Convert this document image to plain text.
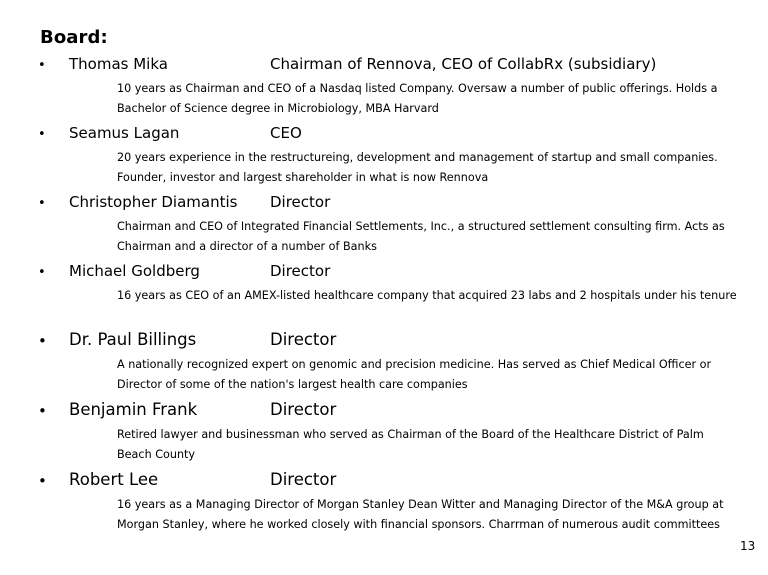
Board:
• Thomas Mika	Chairman of Rennova, CEO of CollabRx (subsidiary)
10 years as Chairman and CEO of a Nasdaq listed Company. Oversaw a number of public offerings. Holds a Bachelor of Science degree in Microbiology, MBA Harvard
• Seamus Lagan	CEO
20 years experience in the restructureing, development and management of startup and small companies. Founder, investor and largest shareholder in what is now Rennova
• Christopher Diamantis Director
Chairman and CEO of Integrated Financial Settlements, Inc., a structured settlement consulting firm. Acts as Chairman and a director of a number of Banks
• Michael Goldberg	Director
16 years as CEO of an AMEX-listed healthcare company that acquired 23 labs and 2 hospitals under his tenure
• Dr. Paul Billings	Director
A nationally recognized expert on genomic and precision medicine. Has served as Chief Medical Officer or Director of some of the nation's largest health care companies
• Benjamin Frank	Director
Retired lawyer and businessman who served as Chairman of the Board of the Healthcare District of Palm Beach County
• Robert Lee	Director
16 years as a Managing Director of Morgan Stanley Dean Witter and Managing Director of the M&A group at Morgan Stanley, where he worked closely with financial sponsors. Charrman of numerous audit committees
13
